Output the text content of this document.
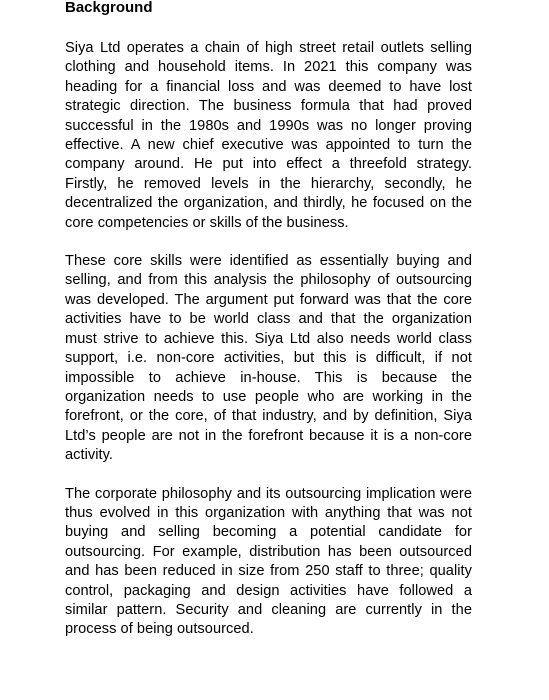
Background

Siya Ltd operates a chain of high street retail outlets selling clothing and household items. In 2021 this company was heading for a financial loss and was deemed to have lost strategic direction. The business formula that had proved successful in the 1980s and 1990s was no longer proving effective. A new chief executive was appointed to turn the company around. He put into effect a threefold strategy. Firstly, he removed levels in the hierarchy, secondly, he decentralized the organization, and thirdly, he focused on the core competencies or skills of the business.

These core skills were identified as essentially buying and selling, and from this analysis the philosophy of outsourcing was developed. The argument put forward was that the core activities have to be world class and that the organization must strive to achieve this. Siya Ltd also needs world class support, i.e. non-core activities, but this is difficult, if not impossible to achieve in-house. This is because the organization needs to use people who are working in the forefront, or the core, of that industry, and by definition, Siya Ltd’s people are not in the forefront because it is a non-core activity.

The corporate philosophy and its outsourcing implication were thus evolved in this organization with anything that was not buying and selling becoming a potential candidate for outsourcing. For example, distribution has been outsourced and has been reduced in size from 250 staff to three; quality control, packaging and design activities have followed a similar pattern. Security and cleaning are currently in the process of being outsourced.
